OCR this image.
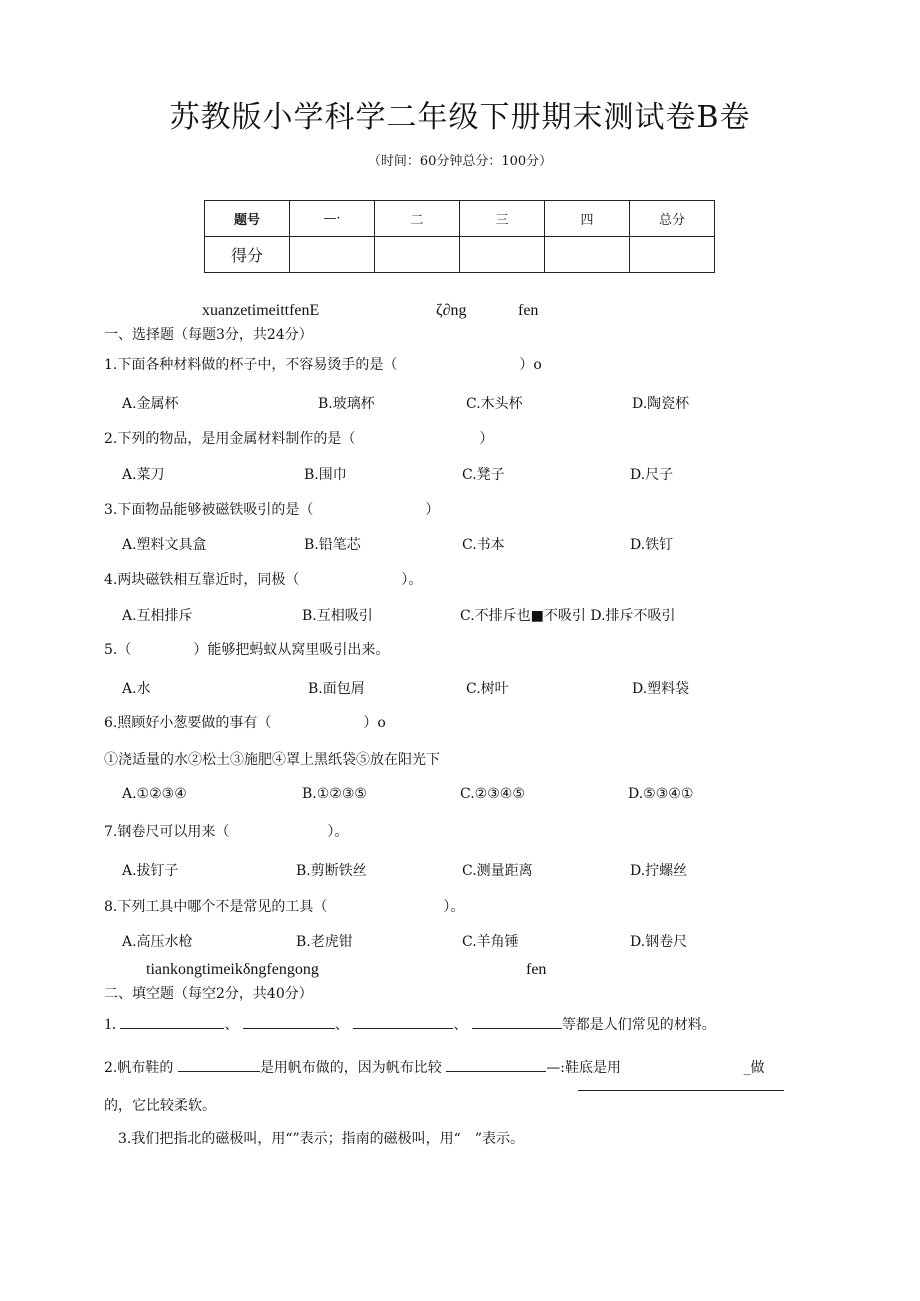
苏教版小学科学二年级下册期末测试卷B卷
（时间：60分钟总分：100分）
题号	—·	二	三	四	总分
得分					
xuanzetimeittfenE	ζ∂ng	fen
一、选择题（每题3分，共24分）
1.下面各种材料做的杯子中，不容易烫手的是（	）o
A.金属杯	B.玻璃杯	C.木头杯	D.陶瓷杯
2.下列的物品，是用金属材料制作的是（	）
A.菜刀	B.围巾	C.凳子	D.尺子
3.下面物品能够被磁铁吸引的是（	）
A.塑料文具盒	B.铅笔芯	C.书本	D.铁钉
4.两块磁铁相互靠近时，同极（	）。
A.互相排斥	B.互相吸引	C.不排斥也■不吸引 D.排斥不吸引
5.（	）能够把蚂蚁从窝里吸引出来。
A.水	B.面包屑	C.树叶	D.塑料袋
6.照顾好小葱要做的事有（	）o
①浇适量的水②松土③施肥④罩上黑纸袋⑤放在阳光下
A.①②③④	B.①②③⑤	C.②③④⑤	D.⑤③④①
7.钢卷尺可以用来（	）。
A.拔钉子	B.剪断铁丝	C.测量距离	D.拧螺丝
8.下列工具中哪个不是常见的工具（	）。
A.高压水枪	B.老虎钳	C.羊角锤	D.钢卷尺
tiankongtimeikδngfengong	fen
二、填空题（每空2分，共40分）
1.	、	、	、	等都是人们常见的材料。
2.帆布鞋的	是用帆布做的，因为帆布比较	—:鞋底是用	_做
的，它比较柔软。
3.我们把指北的磁极叫，用“”表示；指南的磁极叫，用“　”表示。
